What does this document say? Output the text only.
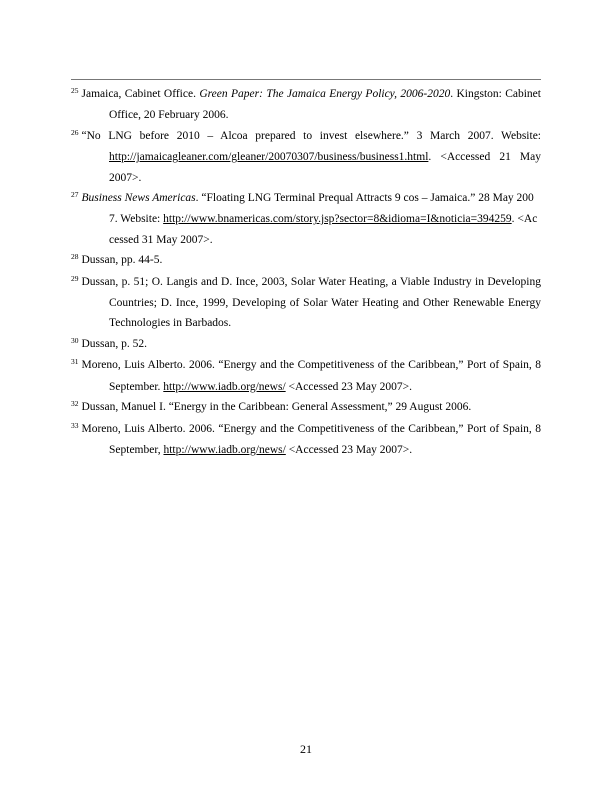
$^{25}$ Jamaica, Cabinet Office. Green Paper: The Jamaica Energy Policy, 2006-2020. Kingston: Cabinet Office, 20 February 2006.

$^{26}$ “No LNG before 2010 – Alcoa prepared to invest elsewhere.” 3 March 2007. Website: http://jamaicagleaner.com/gleaner/20070307/business/business1.html. <Accessed 21 May 2007>.

$^{27}$ Business News Americas. “Floating LNG Terminal Prequal Attracts 9 cos – Jamaica.” 28 May 2007. Website: http://www.bnamericas.com/story.jsp?sector=8&idioma=I&noticia=394259. <Accessed 31 May 2007>.

$^{28}$ Dussan, pp. 44-5.

$^{29}$ Dussan, p. 51; O. Langis and D. Ince, 2003, Solar Water Heating, a Viable Industry in Developing Countries; D. Ince, 1999, Developing of Solar Water Heating and Other Renewable Energy Technologies in Barbados.

$^{30}$ Dussan, p. 52.

$^{31}$ Moreno, Luis Alberto. 2006. “Energy and the Competitiveness of the Caribbean,” Port of Spain, 8 September. http://www.iadb.org/news/ <Accessed 23 May 2007>.

$^{32}$ Dussan, Manuel I. “Energy in the Caribbean: General Assessment,” 29 August 2006.

$^{33}$ Moreno, Luis Alberto. 2006. “Energy and the Competitiveness of the Caribbean,” Port of Spain, 8 September, http://www.iadb.org/news/ <Accessed 23 May 2007>.

21
